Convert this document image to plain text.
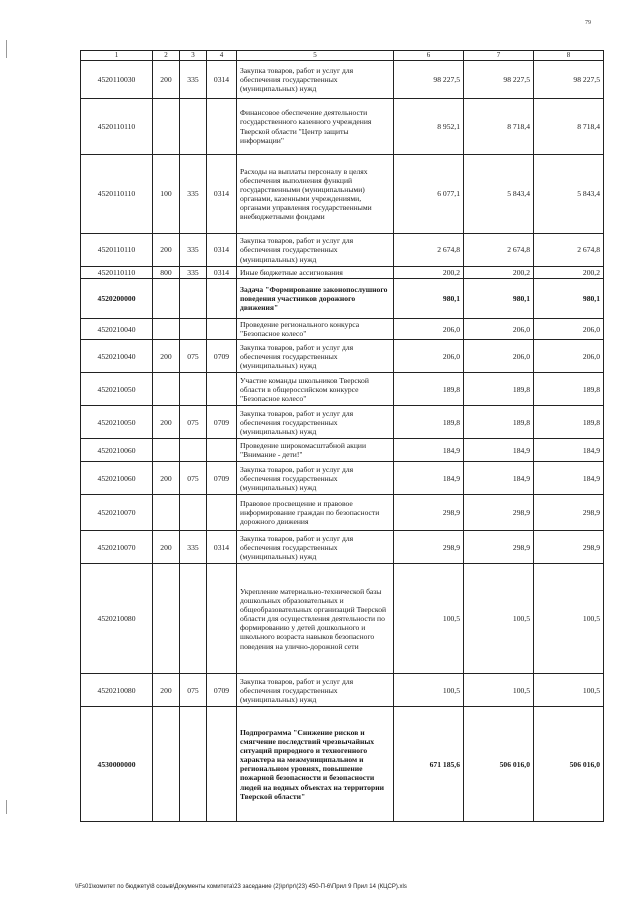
79
1	2	3	4	5	6	7	8
4520110030	200	335	0314	Закупка товаров, работ и услуг для обеспечения государственных (муниципальных) нужд	98 227,5	98 227,5	98 227,5
4520110110				Финансовое обеспечение деятельности государственного казенного учреждения Тверской области "Центр защиты информации"	8 952,1	8 718,4	8 718,4
4520110110	100	335	0314	Расходы на выплаты персоналу в целях обеспечения выполнения функций государственными (муниципальными) органами, казенными учреждениями, органами управления государственными внебюджетными фондами	6 077,1	5 843,4	5 843,4
4520110110	200	335	0314	Закупка товаров, работ и услуг для обеспечения государственных (муниципальных) нужд	2 674,8	2 674,8	2 674,8
4520110110	800	335	0314	Иные бюджетные ассигнования	200,2	200,2	200,2
4520200000				Задача "Формирование законопослушного поведения участников дорожного движения"	980,1	980,1	980,1
4520210040				Проведение регионального конкурса "Безопасное колесо"	206,0	206,0	206,0
4520210040	200	075	0709	Закупка товаров, работ и услуг для обеспечения государственных (муниципальных) нужд	206,0	206,0	206,0
4520210050				Участие команды школьников Тверской области в общероссийском конкурсе "Безопасное колесо"	189,8	189,8	189,8
4520210050	200	075	0709	Закупка товаров, работ и услуг для обеспечения государственных (муниципальных) нужд	189,8	189,8	189,8
4520210060				Проведение широкомасштабной акции "Внимание - дети!"	184,9	184,9	184,9
4520210060	200	075	0709	Закупка товаров, работ и услуг для обеспечения государственных (муниципальных) нужд	184,9	184,9	184,9
4520210070				Правовое просвещение и правовое информирование граждан по безопасности дорожного движения	298,9	298,9	298,9
4520210070	200	335	0314	Закупка товаров, работ и услуг для обеспечения государственных (муниципальных) нужд	298,9	298,9	298,9
4520210080				Укрепление материально-технической базы дошкольных образовательных и общеобразовательных организаций Тверской области для осуществления деятельности по формированию у детей дошкольного и школьного возраста навыков безопасного поведения на улично-дорожной сети	100,5	100,5	100,5
4520210080	200	075	0709	Закупка товаров, работ и услуг для обеспечения государственных (муниципальных) нужд	100,5	100,5	100,5
4530000000				Подпрограмма "Снижение рисков и смягчение последствий чрезвычайных ситуаций природного и техногенного характера на межмуниципальном и региональном уровнях, повышение пожарной безопасности и безопасности людей на водных объектах на территории Тверской области"	671 185,6	506 016,0	506 016,0
\\Fs01\комитет по бюджету\8 созыв\Документы комитета\23 заседание (2)\pr\pr\(23) 450-П-6\Прил 9 Прил 14 (КЦСР).xls
